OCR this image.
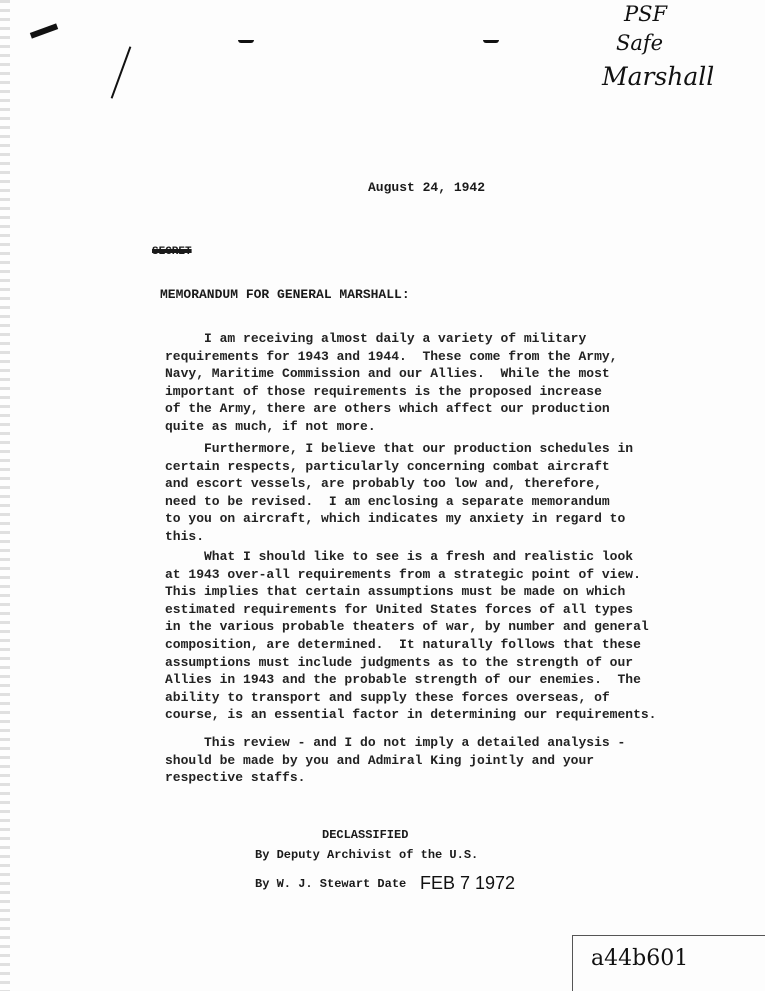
PSF
Safe
Marshall
August 24, 1942
SECRET
MEMORANDUM FOR GENERAL MARSHALL:
I am receiving almost daily a variety of military
requirements for 1943 and 1944.  These come from the Army,
Navy, Maritime Commission and our Allies.  While the most
important of those requirements is the proposed increase
of the Army, there are others which affect our production
quite as much, if not more.
Furthermore, I believe that our production schedules in
certain respects, particularly concerning combat aircraft
and escort vessels, are probably too low and, therefore,
need to be revised.  I am enclosing a separate memorandum
to you on aircraft, which indicates my anxiety in regard to
this.
What I should like to see is a fresh and realistic look
at 1943 over-all requirements from a strategic point of view.
This implies that certain assumptions must be made on which
estimated requirements for United States forces of all types
in the various probable theaters of war, by number and general
composition, are determined.  It naturally follows that these
assumptions must include judgments as to the strength of our
Allies in 1943 and the probable strength of our enemies.  The
ability to transport and supply these forces overseas, of
course, is an essential factor in determining our requirements.
This review - and I do not imply a detailed analysis -
should be made by you and Admiral King jointly and your
respective staffs.
DECLASSIFIED
By Deputy Archivist of the U.S.
By W. J. Stewart Date FEB 7 1972
a44b601
